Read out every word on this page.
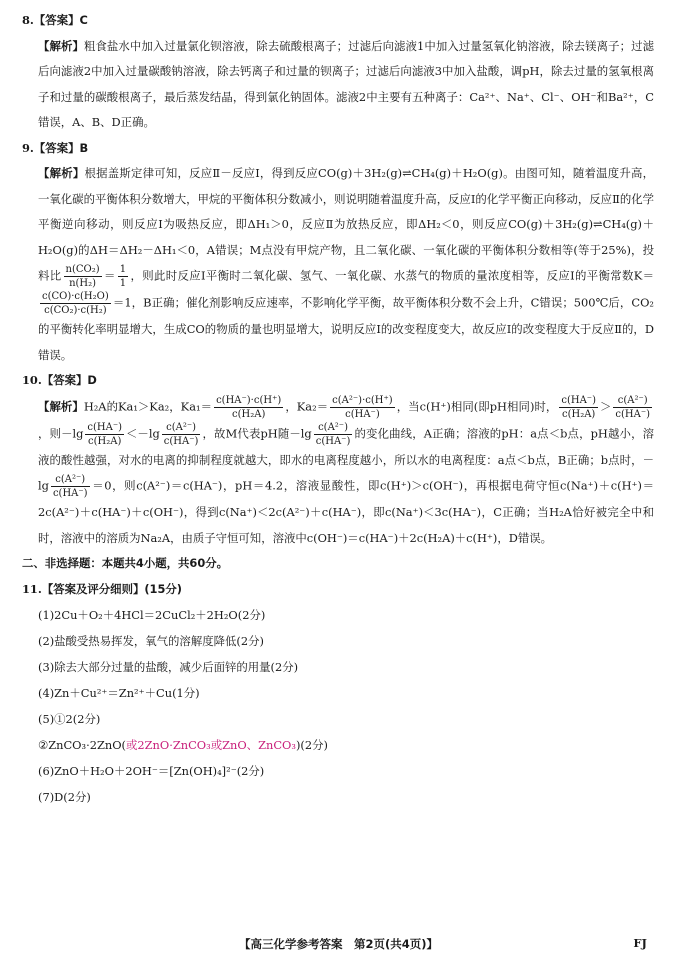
8.【答案】C

【解析】粗食盐水中加入过量氯化钡溶液，除去硫酸根离子；过滤后向滤液1中加入过量氢氧化钠溶液，除去镁离子；过滤后向滤液2中加入过量碳酸钠溶液，除去钙离子和过量的钡离子；过滤后向滤液3中加入盐酸，调pH，除去过量的氢氧根离子和过量的碳酸根离子，最后蒸发结晶，得到氯化钠固体。滤液2中主要有五种离子：Ca²⁺、Na⁺、Cl⁻、OH⁻和Ba²⁺，C错误，A、B、D正确。

9.【答案】B

【解析】根据盖斯定律可知，反应Ⅱ－反应Ⅰ，得到反应CO(g)＋3H₂(g)⇌CH₄(g)＋H₂O(g)。由图可知，随着温度升高，一氧化碳的平衡体积分数增大，甲烷的平衡体积分数减小，则说明随着温度升高，反应Ⅰ的化学平衡正向移动，反应Ⅱ的化学平衡逆向移动，则反应Ⅰ为吸热反应，即ΔH₁＞0，反应Ⅱ为放热反应，即ΔH₂＜0，则反应CO(g)＋3H₂(g)⇌CH₄(g)＋H₂O(g)的ΔH＝ΔH₂－ΔH₁＜0，A错误；M点没有甲烷产物，且二氧化碳、一氧化碳的平衡体积分数相等(等于25%)，投料比 $\frac{\text{n(CO₂)}}{\text{n(H₂)}} = \frac{1}{1}$ ，则此时反应Ⅰ平衡时二氧化碳、氢气、一氧化碳、水蒸气的物质的量浓度相等，反应Ⅰ的平衡常数K＝
$\frac{\text{c(CO)·c(H₂O)}}{\text{c(CO₂)·c(H₂)}} =1$，B正确；催化剂影响反应速率，不影响化学平衡，故平衡体积分数不会上升，C错误；500℃后，CO₂的平衡转化率明显增大，生成CO的物质的量也明显增大，说明反应Ⅰ的改变程度变大，故反应Ⅰ的改变程度大于反应Ⅱ的，D错误。

10.【答案】D

【解析】H₂A的Ka₁＞Ka₂，$Ka_1= \frac{c(HA^-)\cdot c(H^+)}{\text{c(H₂A)}}$ ，$Ka_2= \frac{\text{c(A²⁻)·c(H⁺)}}{c(HA^-)}$ ，当c(H⁺)相同(即pH相同)时， $\frac{c(HA^-)}{\text{c(H₂A)}} > \frac{\text{c(A²⁻)}}{c(HA^-)}$
，则$-\lg \frac{c(HA^-)}{\text{c(H₂A)}} <-\lg \frac{\text{c(A²⁻)}}{c(HA^-)}$ ，故M代表pH随$-\lg \frac{\text{c(A²⁻)}}{c(HA^-)}$ 的变化曲线，A正确；溶液的pH：a点＜b点，pH越小，溶液的酸性越强，对水的电离的抑制程度就越大，即水的电离程度越小，所以水的电离程度：a点＜b点，B正确；b点时，$-\lg \frac{\text{c(A²⁻)}}{c(HA^-)} =0$，则c(A²⁻)＝c(HA⁻)，pH＝4.2，溶液显酸性，即c(H⁺)＞c(OH⁻)，再根据电荷守恒c(Na⁺)＋c(H⁺)＝2c(A²⁻)＋c(HA⁻)＋c(OH⁻)，得到c(Na⁺)＜2c(A²⁻)＋c(HA⁻)，即c(Na⁺)＜3c(HA⁻)，C正确；当H₂A恰好被完全中和时，溶液中的溶质为Na₂A，由质子守恒可知，溶液中c(OH⁻)＝c(HA⁻)＋2c(H₂A)＋c(H⁺)，D错误。

二、非选择题：本题共4小题，共60分。

11.【答案及评分细则】(15分)

(1)2Cu＋O₂＋4HCl＝2CuCl₂＋2H₂O(2分)

(2)盐酸受热易挥发，氧气的溶解度降低(2分)

(3)除去大部分过量的盐酸，减少后面锌的用量(2分)

(4)Zn＋Cu²⁺＝Zn²⁺＋Cu(1分)

(5)①2(2分)

②ZnCO₃·2ZnO(或2ZnO·ZnCO₃或ZnO、ZnCO₃)(2分)

(6)ZnO＋H₂O＋2OH⁻＝[Zn(OH)₄]²⁻(2分)

(7)D(2分)

【高三化学参考答案　第2页(共4页)】	FJ
